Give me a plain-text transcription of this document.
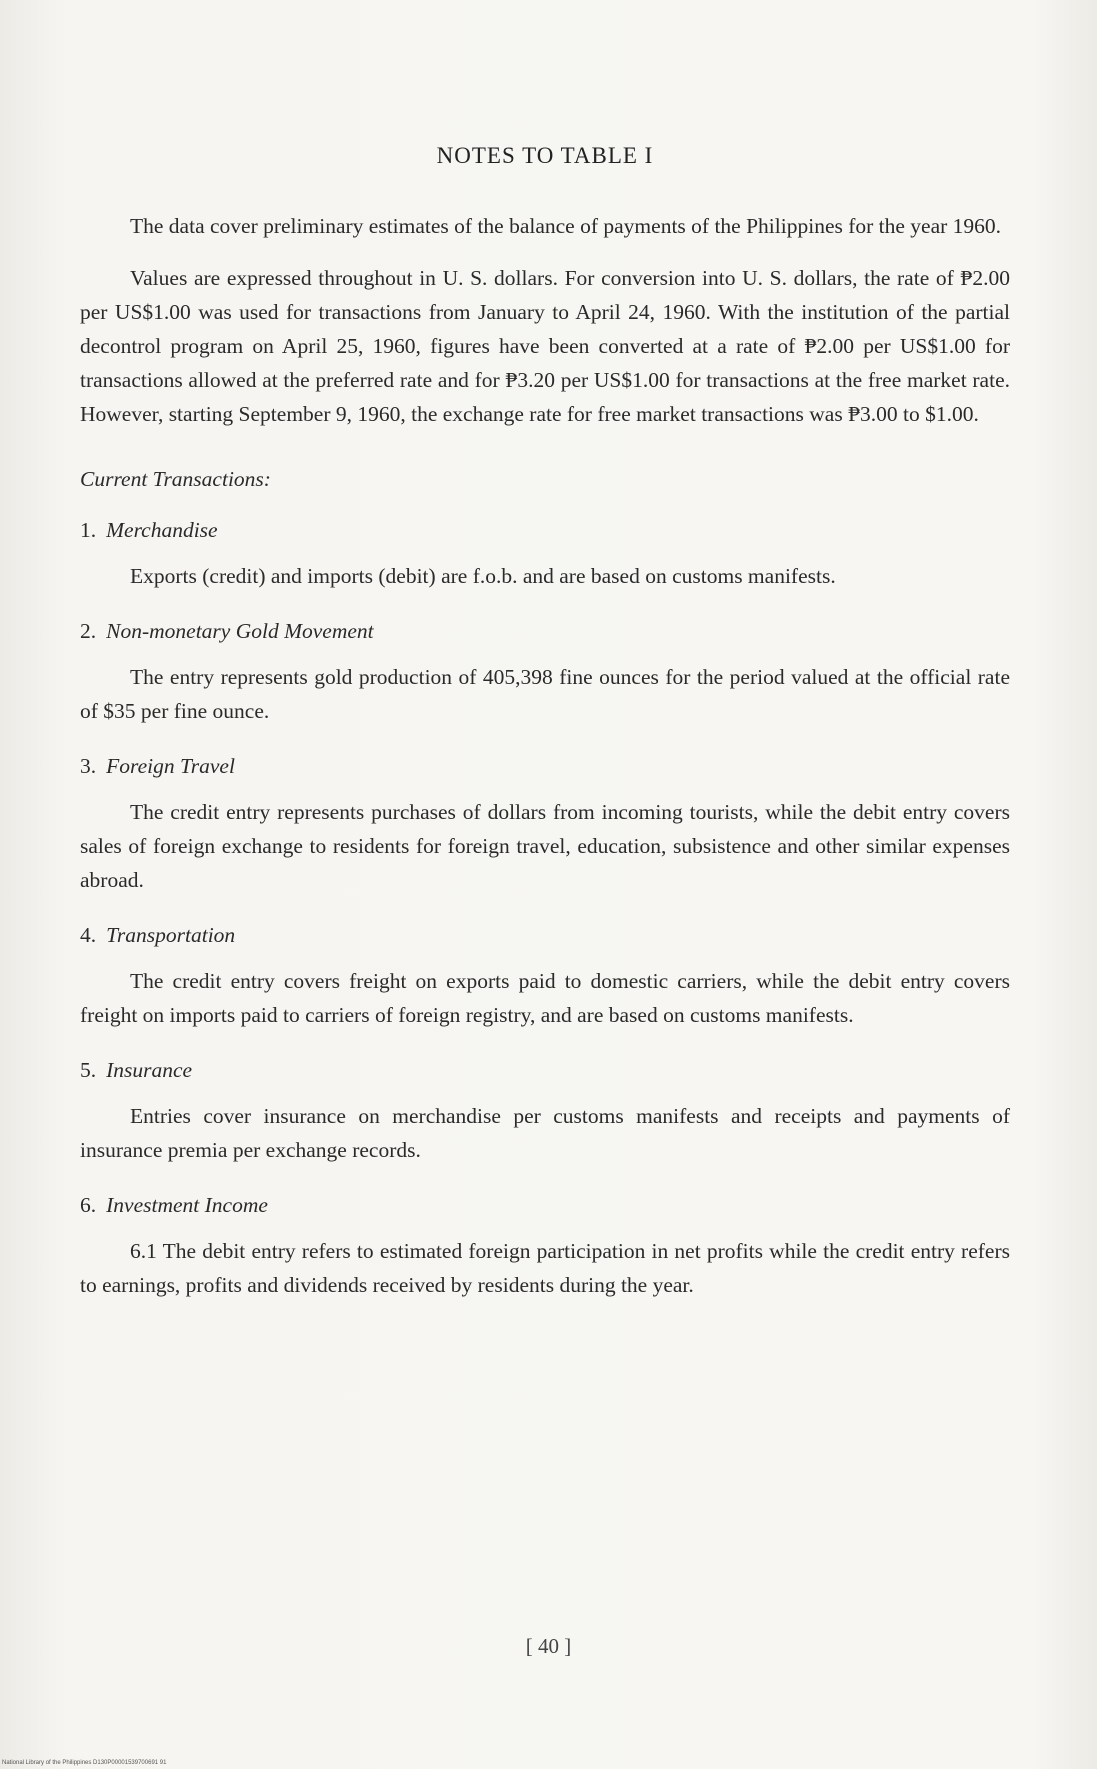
NOTES TO TABLE I

The data cover preliminary estimates of the balance of payments of the Philippines for the year 1960.

Values are expressed throughout in U. S. dollars. For conversion into U. S. dollars, the rate of ₱2.00 per US$1.00 was used for transactions from January to April 24, 1960. With the institution of the partial decontrol program on April 25, 1960, figures have been converted at a rate of ₱2.00 per US$1.00 for transactions allowed at the preferred rate and for ₱3.20 per US$1.00 for transactions at the free market rate. However, starting September 9, 1960, the exchange rate for free market transactions was ₱3.00 to $1.00.

Current Transactions:
1. Merchandise

Exports (credit) and imports (debit) are f.o.b. and are based on customs manifests.

2. Non-monetary Gold Movement

The entry represents gold production of 405,398 fine ounces for the period valued at the official rate of $35 per fine ounce.

3. Foreign Travel

The credit entry represents purchases of dollars from incoming tourists, while the debit entry covers sales of foreign exchange to residents for foreign travel, education, subsistence and other similar expenses abroad.

4. Transportation

The credit entry covers freight on exports paid to domestic carriers, while the debit entry covers freight on imports paid to carriers of foreign registry, and are based on customs manifests.

5. Insurance

Entries cover insurance on merchandise per customs manifests and receipts and payments of insurance premia per exchange records.

6. Investment Income

6.1 The debit entry refers to estimated foreign participation in net profits while the credit entry refers to earnings, profits and dividends received by residents during the year.

[ 40 ]
National Library of the Philippines D130P00001539700691 91
